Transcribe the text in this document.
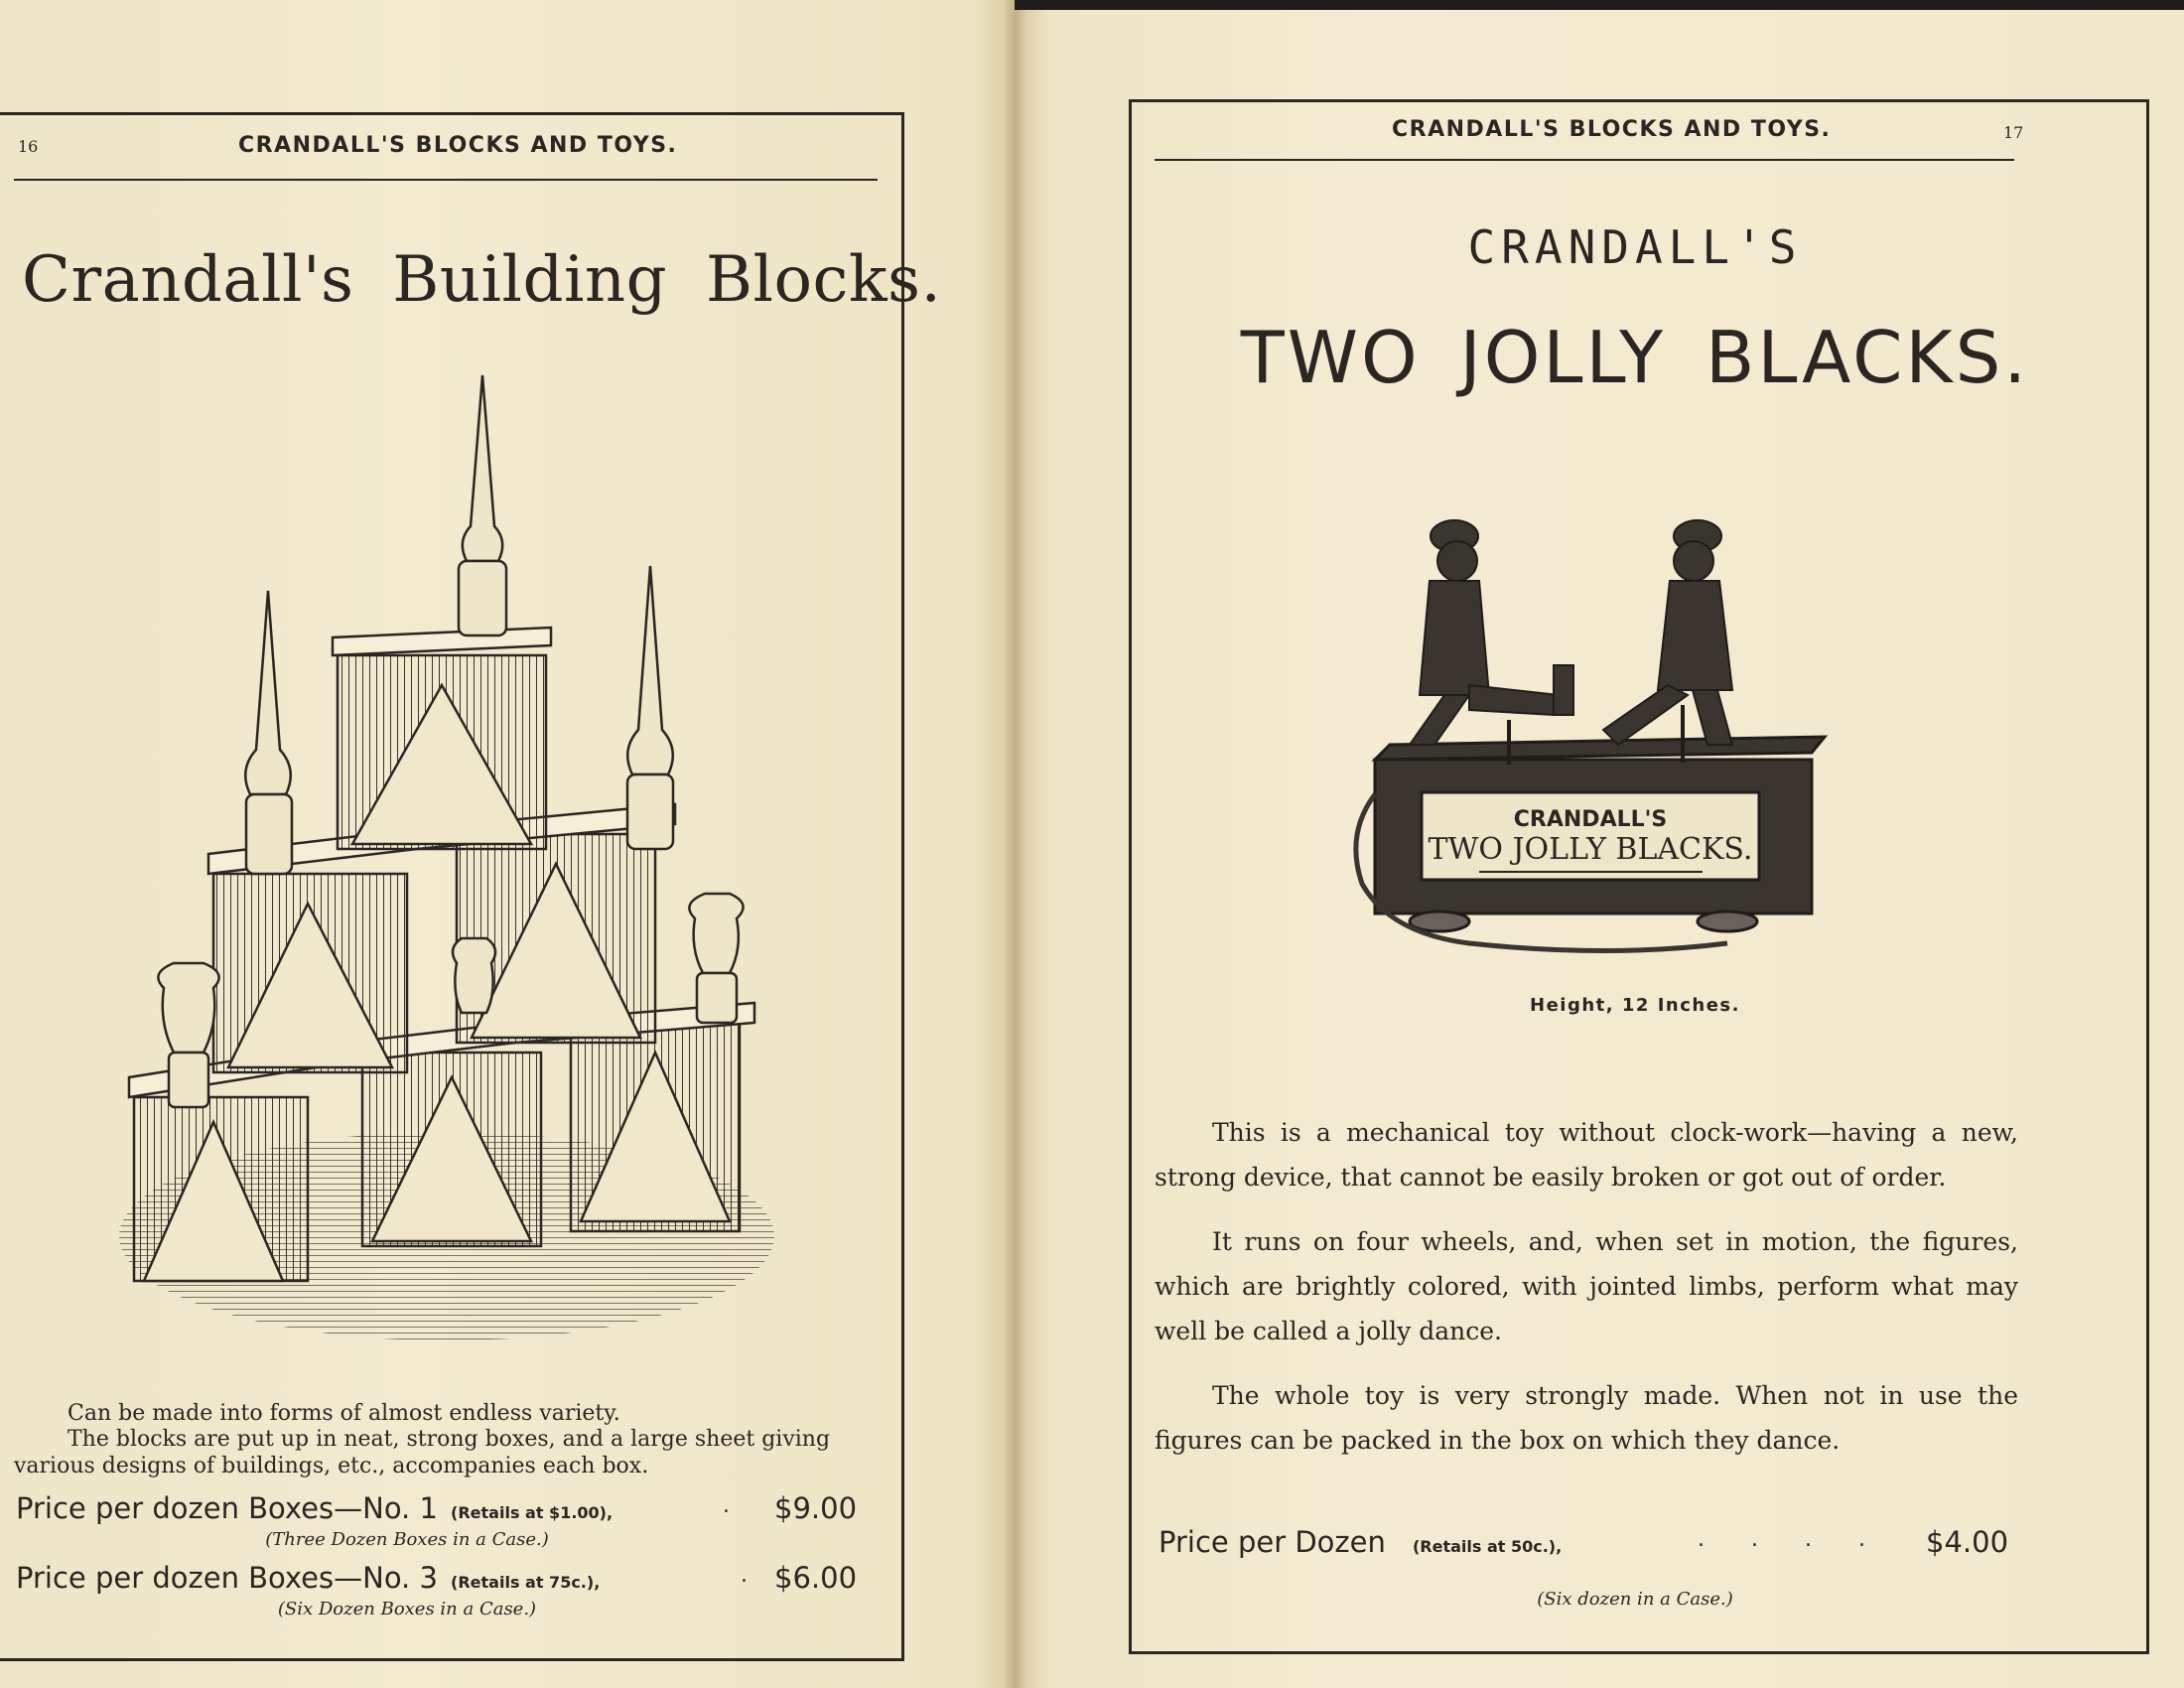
16	CRANDALL'S BLOCKS AND TOYS.
Crandall's Building Blocks.

Can be made into forms of almost endless variety.

The blocks are put up in neat, strong boxes, and a large sheet giving

various designs of buildings, etc., accompanies each box.

Price per dozen Boxes—No. 1 (Retails at $1.00),	. $9.00
(Three Dozen Boxes in a Case.)
Price per dozen Boxes—No. 3 (Retails at 75c.),	. $6.00
(Six Dozen Boxes in a Case.)
CRANDALL'S BLOCKS AND TOYS.	17
CRANDALL'S
TWO JOLLY BLACKS.
CRANDALL'S
TWO JOLLY BLACKS.
Height, 12 Inches.

This is a mechanical toy without clock-work—having a new, strong device, that cannot be easily broken or got out of order.

It runs on four wheels, and, when set in motion, the figures, which are brightly colored, with jointed limbs, perform what may well be called a jolly dance.

The whole toy is very strongly made. When not in use the figures can be packed in the box on which they dance.

Price per Dozen (Retails at 50c.),	. . . . $4.00
(Six dozen in a Case.)
